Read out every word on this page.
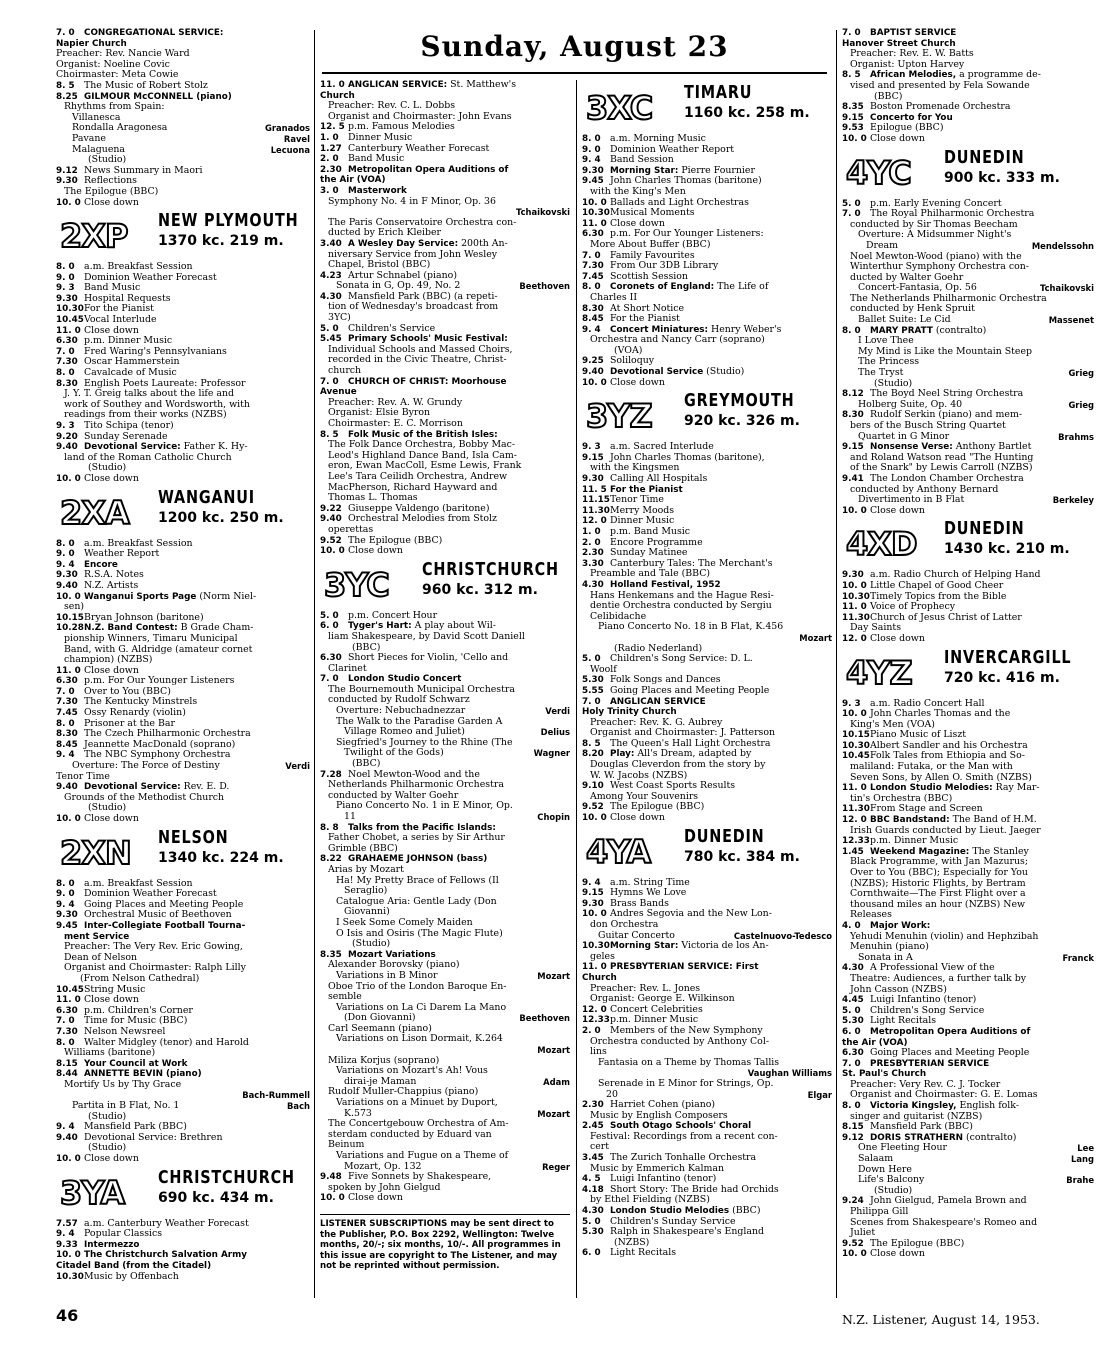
Sunday, August 23
7. 0 CONGREGATIONAL SERVICE:
Napier Church
Preacher: Rev. Nancie Ward
Organist: Noeline Covic
Choirmaster: Meta Cowie
8. 5 The Music of Robert Stolz
8.25 GILMOUR McCONNELL (piano)
Rhythms from Spain:
Villanesca
Granados
Rondalla Aragonesa
Ravel
Pavane
Lecuona
Malaguena
(Studio)
9.12 News Summary in Maori
9.30 Reflections
The Epilogue (BBC)
10. 0 Close down
2XP NEW PLYMOUTH
1370 kc. 219 m.
8. 0 a.m. Breakfast Session
9. 0 Dominion Weather Forecast
9. 3 Band Music
9.30 Hospital Requests
10.30For the Pianist
10.45Vocal Interlude
11. 0 Close down
6.30 p.m. Dinner Music
7. 0 Fred Waring's Pennsylvanians
7.30 Oscar Hammerstein
8. 0 Cavalcade of Music
8.30 English Poets Laureate: Professor
J. Y. T. Greig talks about the life and
work of Southey and Wordsworth, with
readings from their works (NZBS)
9. 3 Tito Schipa (tenor)
9.20 Sunday Serenade
9.40 Devotional Service: Father K. Hy-
land of the Roman Catholic Church
(Studio)
10. 0 Close down
2XA WANGANUI
1200 kc. 250 m.
8. 0 a.m. Breakfast Session
9. 0 Weather Report
9. 4 Encore
9.30 R.S.A. Notes
9.40 N.Z. Artists
10. 0 Wanganui Sports Page (Norm Niel-
sen)
10.15Bryan Johnson (baritone)
10.28N.Z. Band Contest: B Grade Cham-
pionship Winners, Timaru Municipal
Band, with G. Aldridge (amateur cornet
champion) (NZBS)
11. 0 Close down
6.30 p.m. For Our Younger Listeners
7. 0 Over to You (BBC)
7.30 The Kentucky Minstrels
7.45 Ossy Renardy (violin)
8. 0 Prisoner at the Bar
8.30 The Czech Philharmonic Orchestra
8.45 Jeannette MacDonald (soprano)
9. 4 The NBC Symphony Orchestra
Verdi
Overture: The Force of Destiny
Tenor Time
9.40 Devotional Service: Rev. E. D.
Grounds of the Methodist Church
(Studio)
10. 0 Close down
2XN NELSON
1340 kc. 224 m.
8. 0 a.m. Breakfast Session
9. 0 Dominion Weather Forecast
9. 4 Going Places and Meeting People
9.30 Orchestral Music of Beethoven
9.45 Inter-Collegiate Football Tourna-
ment Service
Preacher: The Very Rev. Eric Gowing,
Dean of Nelson
Organist and Choirmaster: Ralph Lilly
(From Nelson Cathedral)
10.45String Music
11. 0 Close down
6.30 p.m. Children's Corner
7. 0 Time for Music (BBC)
7.30 Nelson Newsreel
8. 0 Walter Midgley (tenor) and Harold
Williams (baritone)
8.15 Your Council at Work
8.44 ANNETTE BEVIN (piano)
Mortify Us by Thy Grace
Bach-Rummell
Bach
Partita in B Flat, No. 1
(Studio)
9. 4 Mansfield Park (BBC)
9.40 Devotional Service: Brethren
(Studio)
10. 0 Close down
3YA CHRISTCHURCH
690 kc. 434 m.
7.57 a.m. Canterbury Weather Forecast
9. 4 Popular Classics
9.33 Intermezzo
10. 0 The Christchurch Salvation Army
Citadel Band (from the Citadel)
10.30Music by Offenbach
11. 0 ANGLICAN SERVICE: St. Matthew's
Church
Preacher: Rev. C. L. Dobbs
Organist and Choirmaster: John Evans
12. 5 p.m. Famous Melodies
1. 0 Dinner Music
1.27 Canterbury Weather Forecast
2. 0 Band Music
2.30 Metropolitan Opera Auditions of
the Air (VOA)
3. 0 Masterwork
Symphony No. 4 in F Minor, Op. 36
Tchaikovski
The Paris Conservatoire Orchestra con-
ducted by Erich Kleiber
3.40 A Wesley Day Service: 200th An-
niversary Service from John Wesley
Chapel, Bristol (BBC)
4.23 Artur Schnabel (piano)
Beethoven
Sonata in G, Op. 49, No. 2
4.30 Mansfield Park (BBC) (a repeti-
tion of Wednesday's broadcast from
3YC)
5. 0 Children's Service
5.45 Primary Schools' Music Festival:
Individual Schools and Massed Choirs,
recorded in the Civic Theatre, Christ-
church
7. 0 CHURCH OF CHRIST: Moorhouse
Avenue
Preacher: Rev. A. W. Grundy
Organist: Elsie Byron
Choirmaster: E. C. Morrison
8. 5 Folk Music of the British Isles:
The Folk Dance Orchestra, Bobby Mac-
Leod's Highland Dance Band, Isla Cam-
eron, Ewan MacColl, Esme Lewis, Frank
Lee's Tara Ceilidh Orchestra, Andrew
MacPherson, Richard Hayward and
Thomas L. Thomas
9.22 Giuseppe Valdengo (baritone)
9.40 Orchestral Melodies from Stolz
operettas
9.52 The Epilogue (BBC)
10. 0 Close down
3YC CHRISTCHURCH
960 kc. 312 m.
5. 0 p.m. Concert Hour
6. 0 Tyger's Hart: A play about Wil-
liam Shakespeare, by David Scott Daniell
(BBC)
6.30 Short Pieces for Violin, 'Cello and
Clarinet
7. 0 London Studio Concert
The Bournemouth Municipal Orchestra
conducted by Rudolf Schwarz
Verdi
Overture: Nebuchadnezzar
The Walk to the Paradise Garden A
Delius
Village Romeo and Juliet)
Siegfried's Journey to the Rhine (The
Wagner
Twilight of the Gods)
(BBC)
7.28 Noel Mewton-Wood and the
Netherlands Philharmonic Orchestra
conducted by Walter Goehr
Piano Concerto No. 1 in E Minor, Op.
Chopin
11
8. 8 Talks from the Pacific Islands:
Father Chobet, a series by Sir Arthur
Grimble (BBC)
8.22 GRAHAEME JOHNSON (bass)
Arias by Mozart
Ha! My Pretty Brace of Fellows (Il
Seraglio)
Catalogue Aria: Gentle Lady (Don
Giovanni)
I Seek Some Comely Maiden
O Isis and Osiris (The Magic Flute)
(Studio)
8.35 Mozart Variations
Alexander Borovsky (piano)
Mozart
Variations in B Minor
Oboe Trio of the London Baroque En-
semble
Variations on La Ci Darem La Mano
Beethoven
(Don Giovanni)
Carl Seemann (piano)
Variations on Lison Dormait, K.264
Mozart
Miliza Korjus (soprano)
Variations on Mozart's Ah! Vous
Adam
dirai-je Maman
Rudolf Muller-Chappius (piano)
Variations on a Minuet by Duport,
Mozart
K.573
The Concertgebouw Orchestra of Am-
sterdam conducted by Eduard van
Beinum
Variations and Fugue on a Theme of
Reger
Mozart, Op. 132
9.48 Five Sonnets by Shakespeare,
spoken by John Gielgud
10. 0 Close down
LISTENER SUBSCRIPTIONS may be sent direct to the Publisher, P.O. Box 2292, Wellington: Twelve months, 20/-; six months, 10/-. All programmes in this issue are copyright to The Listener, and may not be reprinted without permission.
3XC TIMARU
1160 kc. 258 m.
8. 0 a.m. Morning Music
9. 0 Dominion Weather Report
9. 4 Band Session
9.30 Morning Star: Pierre Fournier
9.45 John Charles Thomas (baritone)
with the King's Men
10. 0 Ballads and Light Orchestras
10.30Musical Moments
11. 0 Close down
6.30 p.m. For Our Younger Listeners:
More About Buffer (BBC)
7. 0 Family Favourites
7.30 From Our 3DB Library
7.45 Scottish Session
8. 0 Coronets of England: The Life of
Charles II
8.30 At Short Notice
8.45 For the Pianist
9. 4 Concert Miniatures: Henry Weber's
Orchestra and Nancy Carr (soprano)
(VOA)
9.25 Soliloquy
9.40 Devotional Service (Studio)
10. 0 Close down
3YZ GREYMOUTH
920 kc. 326 m.
9. 3 a.m. Sacred Interlude
9.15 John Charles Thomas (baritone),
with the Kingsmen
9.30 Calling All Hospitals
11. 5 For the Pianist
11.15Tenor Time
11.30Merry Moods
12. 0 Dinner Music
1. 0 p.m. Band Music
2. 0 Encore Programme
2.30 Sunday Matinee
3.30 Canterbury Tales: The Merchant's
Preamble and Tale (BBC)
4.30 Holland Festival, 1952
Hans Henkemans and the Hague Resi-
dentie Orchestra conducted by Sergiu
Celibidache
Piano Concerto No. 18 in B Flat, K.456
Mozart
(Radio Nederland)
5. 0 Children's Song Service: D. L.
Woolf
5.30 Folk Songs and Dances
5.55 Going Places and Meeting People
7. 0 ANGLICAN SERVICE
Holy Trinity Church
Preacher: Rev. K. G. Aubrey
Organist and Choirmaster: J. Patterson
8. 5 The Queen's Hall Light Orchestra
8.20 Play: All's Dream, adapted by
Douglas Cleverdon from the story by
W. W. Jacobs (NZBS)
9.10 West Coast Sports Results
Among Your Souvenirs
9.52 The Epilogue (BBC)
10. 0 Close down
4YA DUNEDIN
780 kc. 384 m.
9. 4 a.m. String Time
9.15 Hymns We Love
9.30 Brass Bands
10. 0 Andres Segovia and the New Lon-
don Orchestra
Castelnuovo-Tedesco
Guitar Concerto
10.30Morning Star: Victoria de los An-
geles
11. 0 PRESBYTERIAN SERVICE: First
Church
Preacher: Rev. L. Jones
Organist: George E. Wilkinson
12. 0 Concert Celebrities
12.33p.m. Dinner Music
2. 0 Members of the New Symphony
Orchestra conducted by Anthony Col-
lins
Fantasia on a Theme by Thomas Tallis
Vaughan Williams
Serenade in E Minor for Strings, Op.
Elgar
20
2.30 Harriet Cohen (piano)
Music by English Composers
2.45 South Otago Schools' Choral
Festival: Recordings from a recent con-
cert
3.45 The Zurich Tonhalle Orchestra
Music by Emmerich Kalman
4. 5 Luigi Infantino (tenor)
4.18 Short Story: The Bride had Orchids
by Ethel Fielding (NZBS)
4.30 London Studio Melodies (BBC)
5. 0 Children's Sunday Service
5.30 Ralph in Shakespeare's England
(NZBS)
6. 0 Light Recitals
7. 0 BAPTIST SERVICE
Hanover Street Church
Preacher: Rev. E. W. Batts
Organist: Upton Harvey
8. 5 African Melodies, a programme de-
vised and presented by Fela Sowande
(BBC)
8.35 Boston Promenade Orchestra
9.15 Concerto for You
9.53 Epilogue (BBC)
10. 0 Close down
4YC DUNEDIN
900 kc. 333 m.
5. 0 p.m. Early Evening Concert
7. 0 The Royal Philharmonic Orchestra
conducted by Sir Thomas Beecham
Overture: A Midsummer Night's
Mendelssohn
Dream
Noel Mewton-Wood (piano) with the
Winterthur Symphony Orchestra con-
ducted by Walter Goehr
Tchaikovski
Concert-Fantasia, Op. 56
The Netherlands Philharmonic Orchestra
conducted by Henk Spruit
Massenet
Ballet Suite: Le Cid
8. 0 MARY PRATT (contralto)
I Love Thee
My Mind is Like the Mountain Steep
The Princess
Grieg
The Tryst
(Studio)
8.12 The Boyd Neel String Orchestra
Grieg
Holberg Suite, Op. 40
8.30 Rudolf Serkin (piano) and mem-
bers of the Busch String Quartet
Brahms
Quartet in G Minor
9.15 Nonsense Verse: Anthony Bartlet
and Roland Watson read "The Hunting
of the Snark" by Lewis Carroll (NZBS)
9.41 The London Chamber Orchestra
conducted by Anthony Bernard
Berkeley
Divertimento in B Flat
10. 0 Close down
4XD DUNEDIN
1430 kc. 210 m.
9.30 a.m. Radio Church of Helping Hand
10. 0 Little Chapel of Good Cheer
10.30Timely Topics from the Bible
11. 0 Voice of Prophecy
11.30Church of Jesus Christ of Latter
Day Saints
12. 0 Close down
4YZ INVERCARGILL
720 kc. 416 m.
9. 3 a.m. Radio Concert Hall
10. 0 John Charles Thomas and the
King's Men (VOA)
10.15Piano Music of Liszt
10.30Albert Sandler and his Orchestra
10.45Folk Tales from Ethiopia and So-
maliland: Futaka, or the Man with
Seven Sons, by Allen O. Smith (NZBS)
11. 0 London Studio Melodies: Ray Mar-
tin's Orchestra (BBC)
11.30From Stage and Screen
12. 0 BBC Bandstand: The Band of H.M.
Irish Guards conducted by Lieut. Jaeger
12.33p.m. Dinner Music
1.45 Weekend Magazine: The Stanley
Black Programme, with Jan Mazurus;
Over to You (BBC); Especially for You
(NZBS); Historic Flights, by Bertram
Cornthwaite—The First Flight over a
thousand miles an hour (NZBS) New
Releases
4. 0 Major Work:
Yehudi Menuhin (violin) and Hephzibah
Menuhin (piano)
Franck
Sonata in A
4.30 A Professional View of the
Theatre: Audiences, a further talk by
John Casson (NZBS)
4.45 Luigi Infantino (tenor)
5. 0 Children's Song Service
5.30 Light Recitals
6. 0 Metropolitan Opera Auditions of
the Air (VOA)
6.30 Going Places and Meeting People
7. 0 PRESBYTERIAN SERVICE
St. Paul's Church
Preacher: Very Rev. C. J. Tocker
Organist and Choirmaster: G. E. Lomas
8. 0 Victoria Kingsley, English folk-
singer and guitarist (NZBS)
8.15 Mansfield Park (BBC)
9.12 DORIS STRATHERN (contralto)
Lee
One Fleeting Hour
Lang
Salaam
Down Here
Brahe
Life's Balcony
(Studio)
9.24 John Gielgud, Pamela Brown and
Philippa Gill
Scenes from Shakespeare's Romeo and
Juliet
9.52 The Epilogue (BBC)
10. 0 Close down
46	N.Z. Listener, August 14, 1953.
